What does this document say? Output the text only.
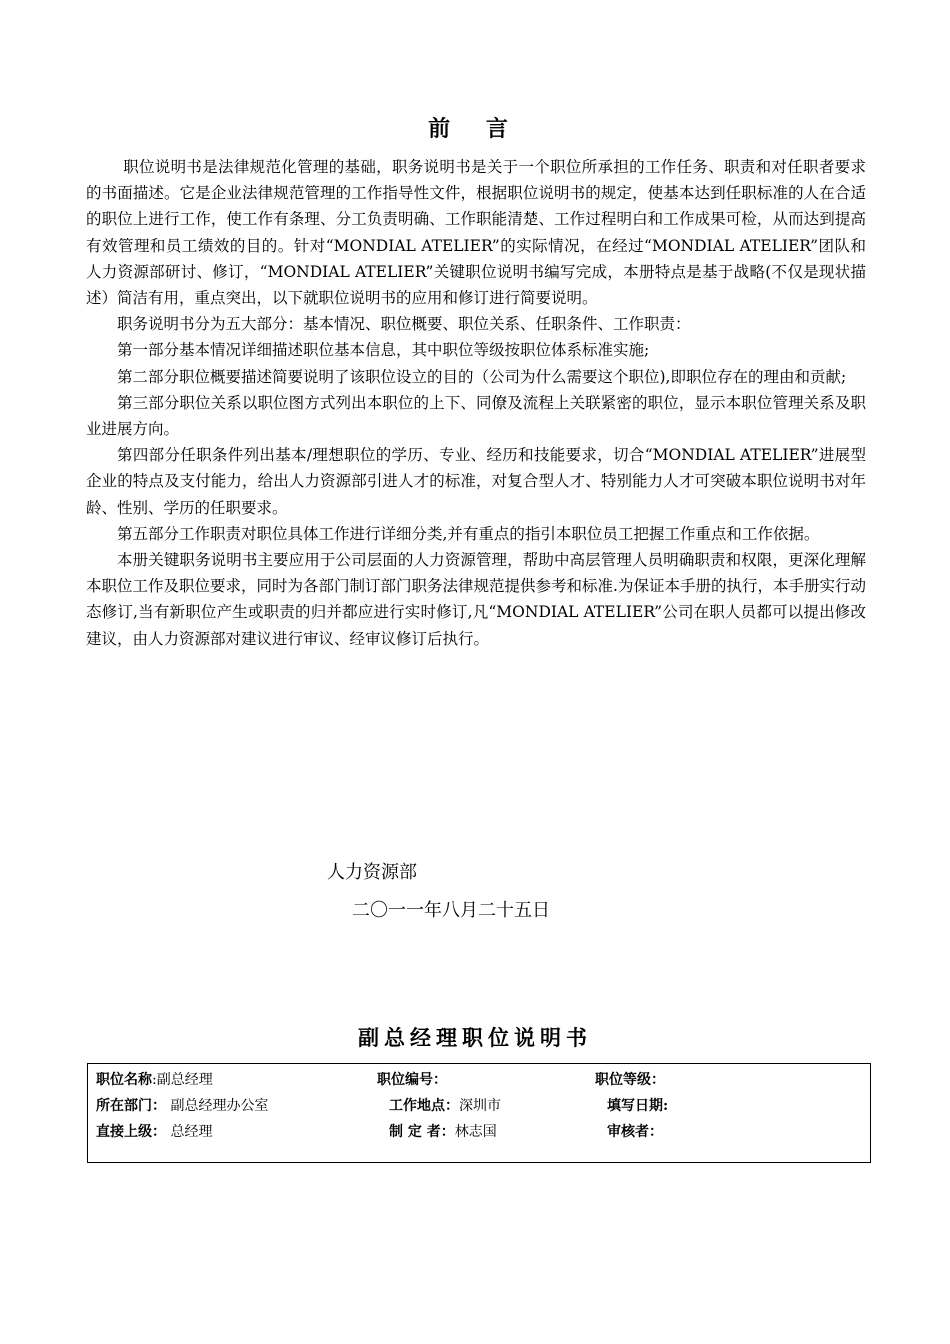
前 言

职位说明书是法律规范化管理的基础，职务说明书是关于一个职位所承担的工作任务、职责和对任职者要求的书面描述。它是企业法律规范管理的工作指导性文件，根据职位说明书的规定，使基本达到任职标准的人在合适的职位上进行工作，使工作有条理、分工负责明确、工作职能清楚、工作过程明白和工作成果可检，从而达到提高有效管理和员工绩效的目的。针对“MONDIAL ATELIER”的实际情况，在经过“MONDIAL ATELIER”团队和人力资源部研讨、修订，“MONDIAL ATELIER”关键职位说明书编写完成，本册特点是基于战略(不仅是现状描述）简洁有用，重点突出，以下就职位说明书的应用和修订进行简要说明。

职务说明书分为五大部分：基本情况、职位概要、职位关系、任职条件、工作职责：

第一部分基本情况详细描述职位基本信息，其中职位等级按职位体系标准实施;

第二部分职位概要描述简要说明了该职位设立的目的（公司为什么需要这个职位),即职位存在的理由和贡献;

第三部分职位关系以职位图方式列出本职位的上下、同僚及流程上关联紧密的职位，显示本职位管理关系及职业进展方向。

第四部分任职条件列出基本/理想职位的学历、专业、经历和技能要求，切合“MONDIAL ATELIER”进展型企业的特点及支付能力，给出人力资源部引进人才的标准，对复合型人才、特别能力人才可突破本职位说明书对年龄、性别、学历的任职要求。

第五部分工作职责对职位具体工作进行详细分类,并有重点的指引本职位员工把握工作重点和工作依据。

本册关键职务说明书主要应用于公司层面的人力资源管理，帮助中高层管理人员明确职责和权限，更深化理解本职位工作及职位要求，同时为各部门制订部门职务法律规范提供参考和标准.为保证本手册的执行，本手册实行动态修订,当有新职位产生或职责的归并都应进行实时修订,凡“MONDIAL ATELIER”公司在职人员都可以提出修改建议，由人力资源部对建议进行审议、经审议修订后执行。

人力资源部
二〇一一年八月二十五日
副总经理职位说明书
职位名称:副总经理	职位编号：	职位等级：
所在部门： 副总经理办公室	工作地点：深圳市	填写日期:
直接上级： 总经理	制 定 者：林志国	审核者：
